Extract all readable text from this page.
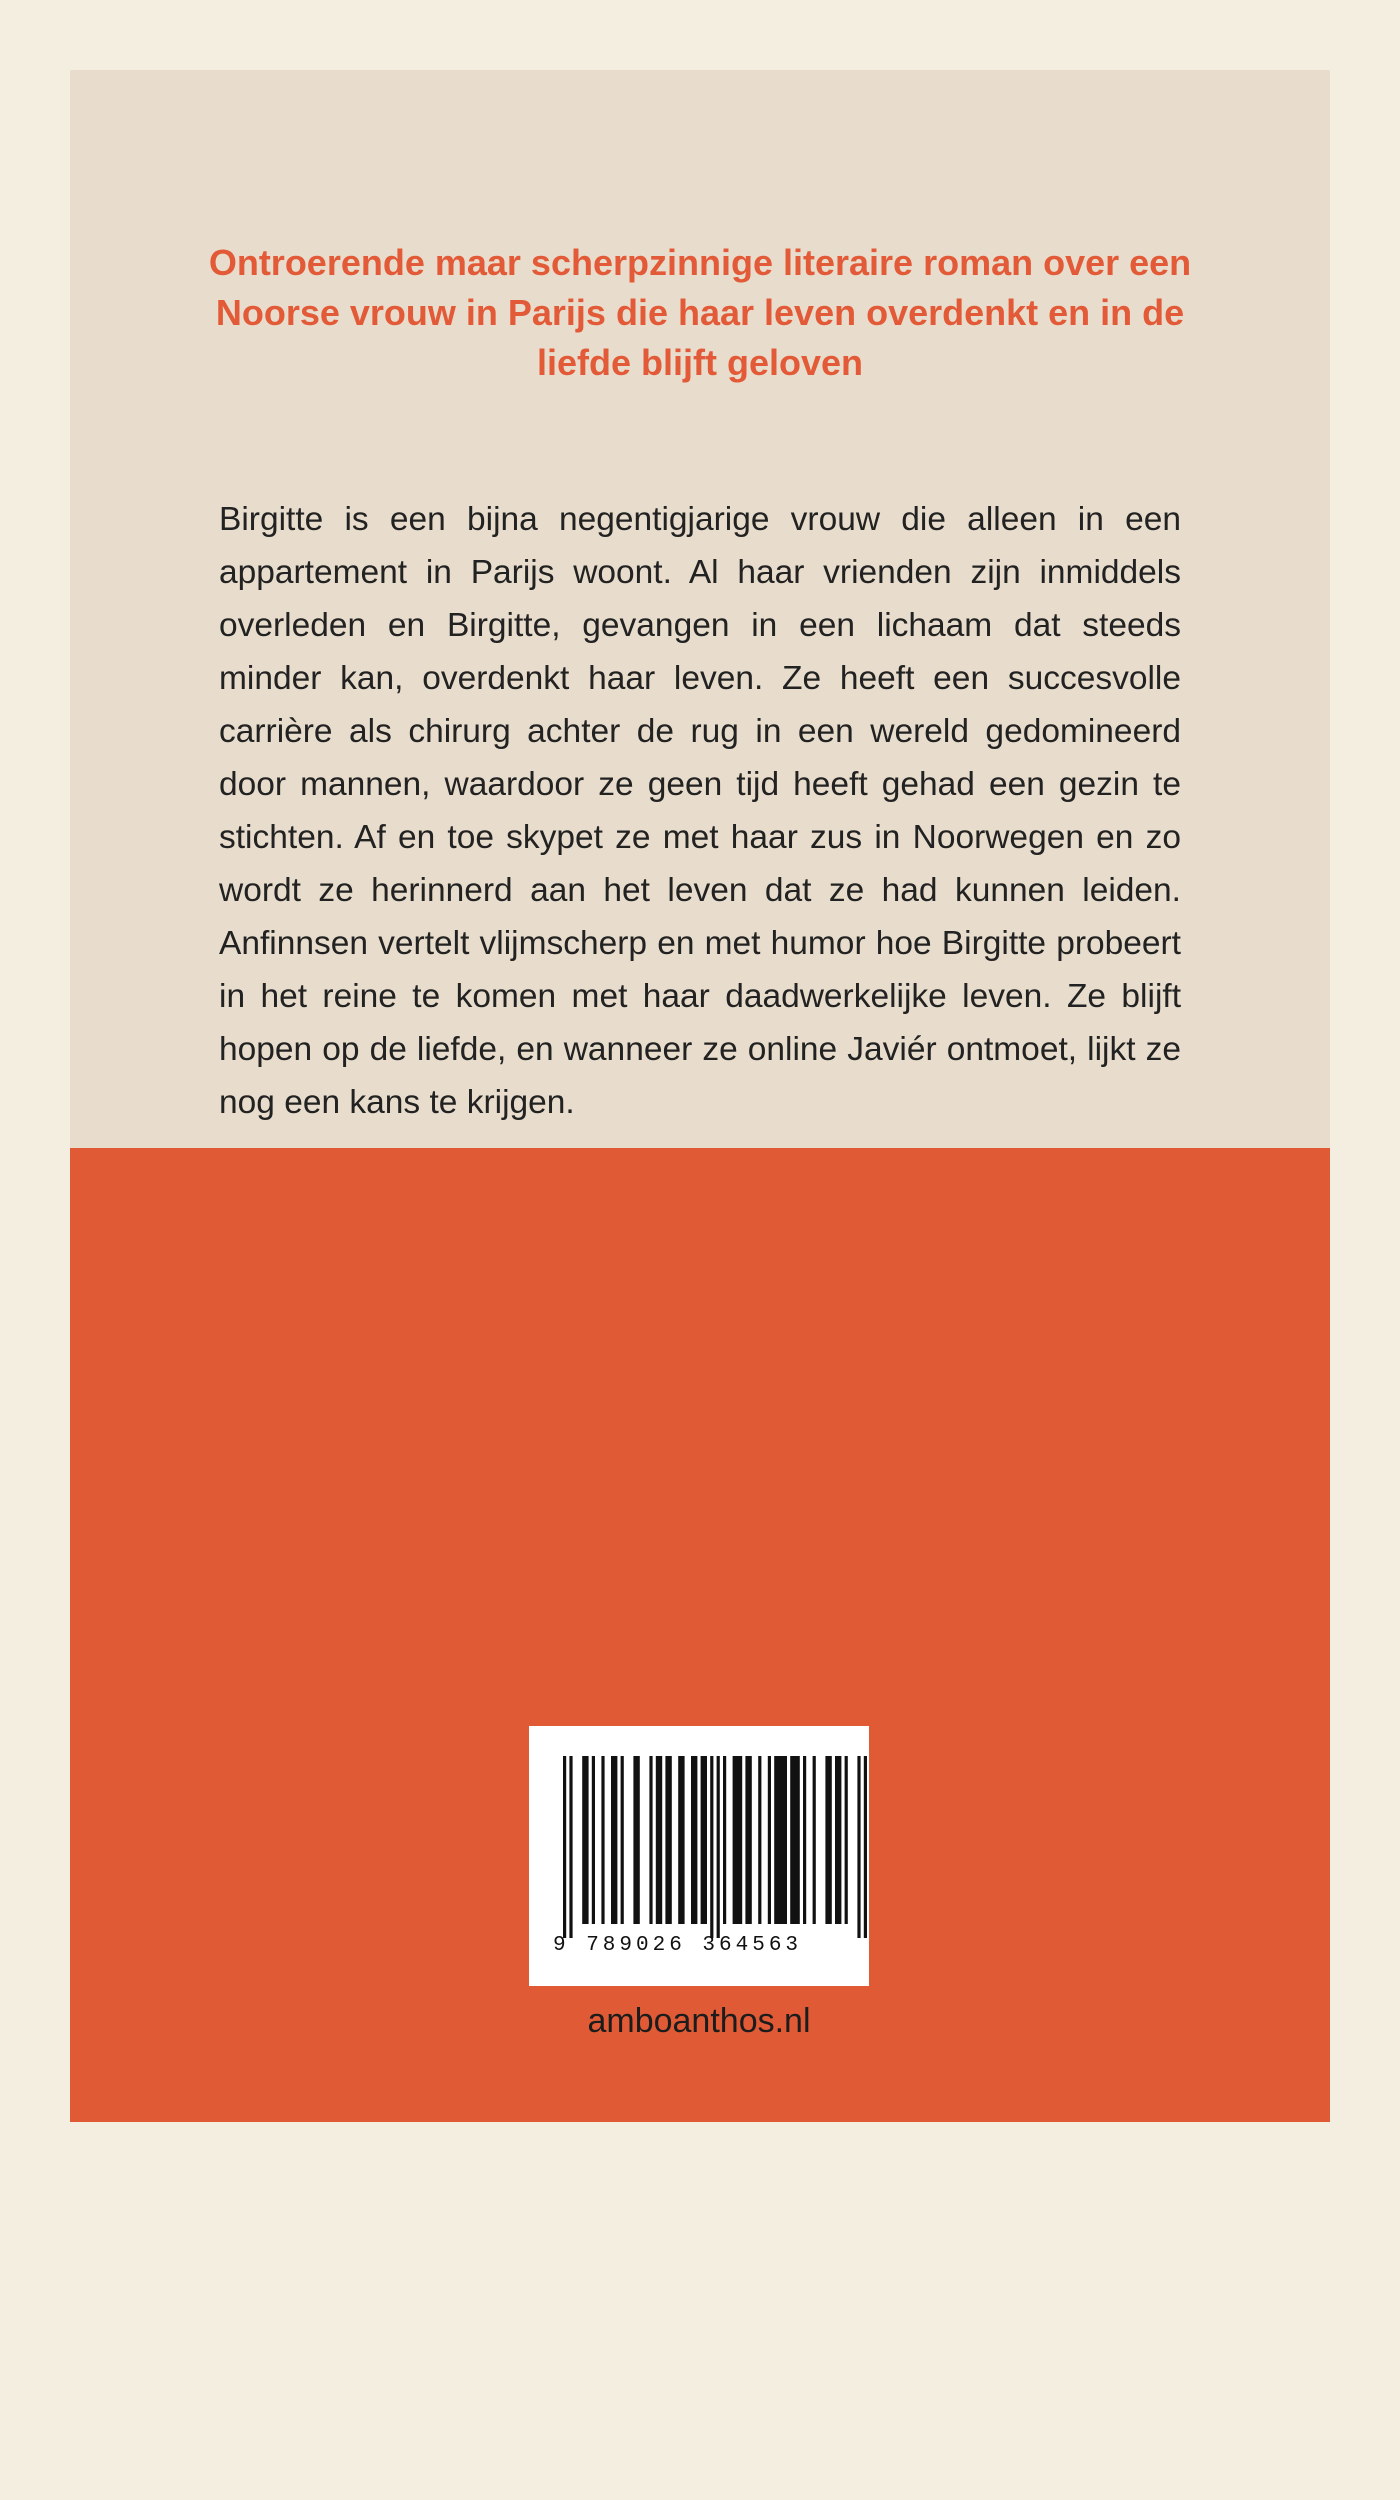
Ontroerende maar scherpzinnige literaire roman over een Noorse vrouw in Parijs die haar leven overdenkt en in de liefde blijft geloven

Birgitte is een bijna negentigjarige vrouw die alleen in een appartement in Parijs woont. Al haar vrienden zijn inmiddels overleden en Birgitte, gevangen in een lichaam dat steeds minder kan, overdenkt haar leven. Ze heeft een succesvolle carrière als chirurg achter de rug in een wereld gedomineerd door mannen, waardoor ze geen tijd heeft gehad een gezin te stichten. Af en toe skypet ze met haar zus in Noorwegen en zo wordt ze herinnerd aan het leven dat ze had kunnen leiden. Anfinnsen vertelt vlijmscherp en met humor hoe Birgitte probeert in het reine te komen met haar daadwerkelijke leven. Ze blijft hopen op de liefde, en wanneer ze online Javiér ontmoet, lijkt ze nog een kans te krijgen.

Winnaar van de Havmann-prijs 2020, eerder gewonnen door Herbjørg Wassmo, en genomineerd voor de Europese Unie Prijs voor Literatuur 2022

9 789026 364563
amboanthos.nl
